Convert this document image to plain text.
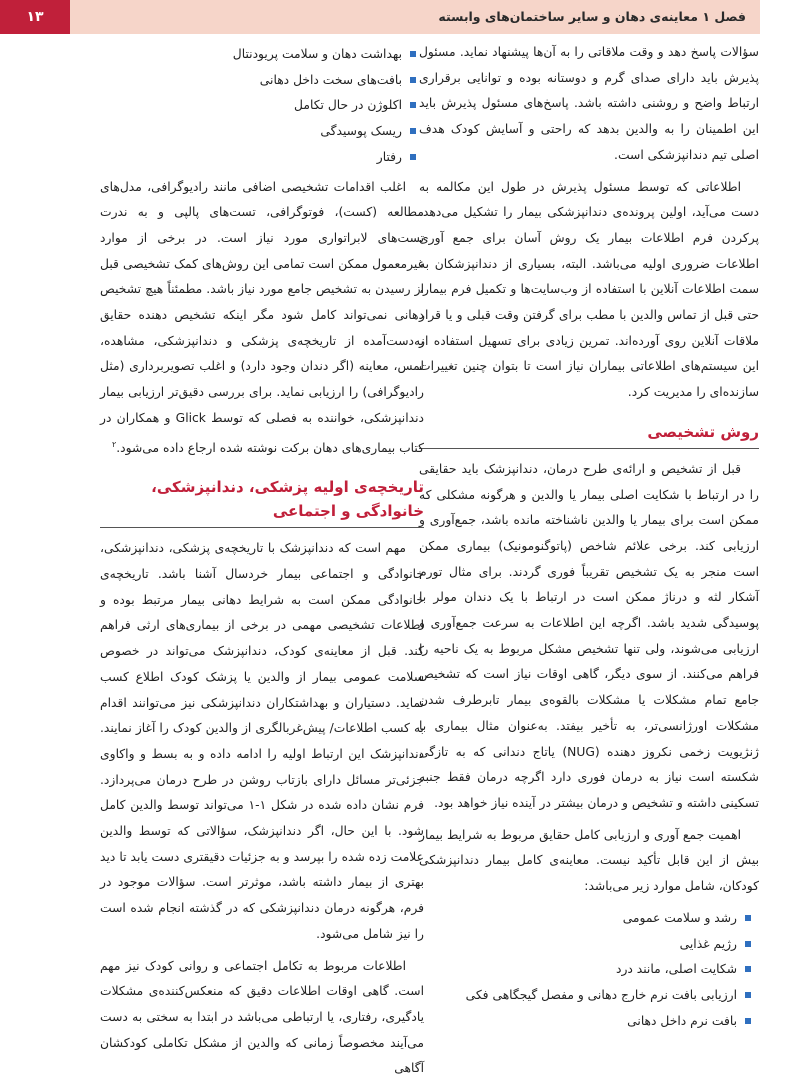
فصل ۱ معاینه‌ی دهان و سایر ساختمان‌های وابسته
۱۳

سؤالات پاسخ دهد و وقت ملاقاتی را به آن‌ها پیشنهاد نماید. مسئول پذیرش باید دارای صدای گرم و دوستانه بوده و توانایی برقراری ارتباط واضح و روشنی داشته باشد. پاسخ‌های مسئول پذیرش باید این اطمینان را به والدین بدهد که راحتی و آسایش کودک هدف اصلی تیم دندانپزشکی است.

اطلاعاتی که توسط مسئول پذیرش در طول این مکالمه به دست می‌آید، اولین پرونده‌ی دندانپزشکی بیمار را تشکیل می‌دهد. پرکردن فرم اطلاعات بیمار یک روش آسان برای جمع آوری اطلاعات ضروری اولیه می‌باشد. البته، بسیاری از دندانپزشکان به سمت اطلاعات آنلاین با استفاده از وب‌سایت‌ها و تکمیل فرم بیمار، حتی قبل از تماس والدین با مطب برای گرفتن وقت قبلی و یا قرار ملاقات آنلاین روی آورده‌اند. تمرین زیادی برای تسهیل استفاده از این سیستم‌های اطلاعاتی بیماران نیاز است تا بتوان چنین تغییرات سازنده‌ای را مدیریت کرد.

روش تشخیصی

قبل از تشخیص و ارائه‌ی طرح درمان، دندانپزشک باید حقایقی را در ارتباط با شکایت اصلی بیمار یا والدین و هرگونه مشکلی که ممکن است برای بیمار یا والدین ناشناخته مانده باشد، جمع‌آوری و ارزیابی کند. برخی علائم شاخص (پاتوگنومونیک) بیماری ممکن است منجر به یک تشخیص تقریباً فوری گردند. برای مثال تورم آشکار لثه و درناژ ممکن است در ارتباط با یک دندان مولر با پوسیدگی شدید باشد. اگرچه این اطلاعات به سرعت جمع‌آوری و ارزیابی می‌شوند، ولی تنها تشخیص مشکل مربوط به یک ناحیه را فراهم می‌کنند. از سوی دیگر، گاهی اوقات نیاز است که تشخیص جامع تمام مشکلات یا مشکلات بالقوه‌ی بیمار تابرطرف شدن مشکلات اورژانسی‌تر، به تأخیر بیفتد. به‌عنوان مثال بیماری با ژنژیویت زخمی نکروز دهنده (NUG) یاتاج دندانی که به تازگی شکسته است نیاز به درمان فوری دارد اگرچه درمان فقط جنبه تسکینی داشته و تشخیص و درمان بیشتر در آینده نیاز خواهد بود.

اهمیت جمع آوری و ارزیابی کامل حقایق مربوط به شرایط بیمار بیش از این قابل تأکید نیست. معاینه‌ی کامل بیمار دندانپزشکی کودکان، شامل موارد زیر می‌باشد:

رشد و سلامت عمومی
رژیم غذایی
شکایت اصلی، مانند درد
ارزیابی بافت نرم خارج دهانی و مفصل گیجگاهی فکی
بافت نرم داخل دهانی
بهداشت دهان و سلامت پریودنتال
بافت‌های سخت داخل دهانی
اکلوژن در حال تکامل
ریسک پوسیدگی
رفتار

اغلب اقدامات تشخیصی اضافی مانند رادیوگرافی، مدل‌های مطالعه (کست)، فوتوگرافی، تست‌های پالپی و به ندرت تست‌های لابراتواری مورد نیاز است. در برخی از موارد غیرمعمول ممکن است تمامی این روش‌های کمک تشخیصی قبل از رسیدن به تشخیص جامع مورد نیاز باشد. مطمئناً هیچ تشخیص دهانی نمی‌تواند کامل شود مگر اینکه تشخیص دهنده حقایق به‌دست‌آمده از تاریخچه‌ی پزشکی و دندانپزشکی، مشاهده، لمس، معاینه (اگر دندان وجود دارد) و اغلب تصویربرداری (مثل رادیوگرافی) را ارزیابی نماید. برای بررسی دقیق‌تر ارزیابی بیمار دندانپزشکی، خواننده به فصلی که توسط Glick و همکاران در کتاب بیماری‌های دهان برکت نوشته شده ارجاع داده می‌شود.$^۲$

تاریخچه‌ی اولیه پزشکی، دندانپزشکی، خانوادگی و اجتماعی

مهم است که دندانپزشک با تاریخچه‌ی پزشکی، دندانپزشکی، خانوادگی و اجتماعی بیمار خردسال آشنا باشد. تاریخچه‌ی خانوادگی ممکن است به شرایط دهانی بیمار مرتبط بوده و اطلاعات تشخیصی مهمی در برخی از بیماری‌های ارثی فراهم کند. قبل از معاینه‌ی کودک، دندانپزشک می‌تواند در خصوص سلامت عمومی بیمار از والدین یا پزشک کودک اطلاع کسب نماید. دستیاران و بهداشتکاران دندانپزشکی نیز می‌توانند اقدام به کسب اطلاعات/ پیش‌غربالگری از والدین کودک را آغاز نمایند. دندانپزشک این ارتباط اولیه را ادامه داده و به بسط و واکاوی جزئی‌تر مسائل دارای بازتاب روشن در طرح درمان می‌پردازد. فرم نشان داده شده در شکل ۱-۱ می‌تواند توسط والدین کامل شود. با این حال، اگر دندانپزشک، سؤالاتی که توسط والدین علامت زده شده را بپرسد و به جزئیات دقیقتری دست یابد تا دید بهتری از بیمار داشته باشد، موثرتر است. سؤالات موجود در فرم، هرگونه درمان دندانپزشکی که در گذشته انجام شده است را نیز شامل می‌شود.

اطلاعات مربوط به تکامل اجتماعی و روانی کودک نیز مهم است. گاهی اوقات اطلاعات دقیق که منعکس‌کننده‌ی مشکلات یادگیری، رفتاری، یا ارتباطی می‌باشد در ابتدا به سختی به دست می‌آیند مخصوصاً زمانی که والدین از مشکل تکاملی کودکشان آگاهی
